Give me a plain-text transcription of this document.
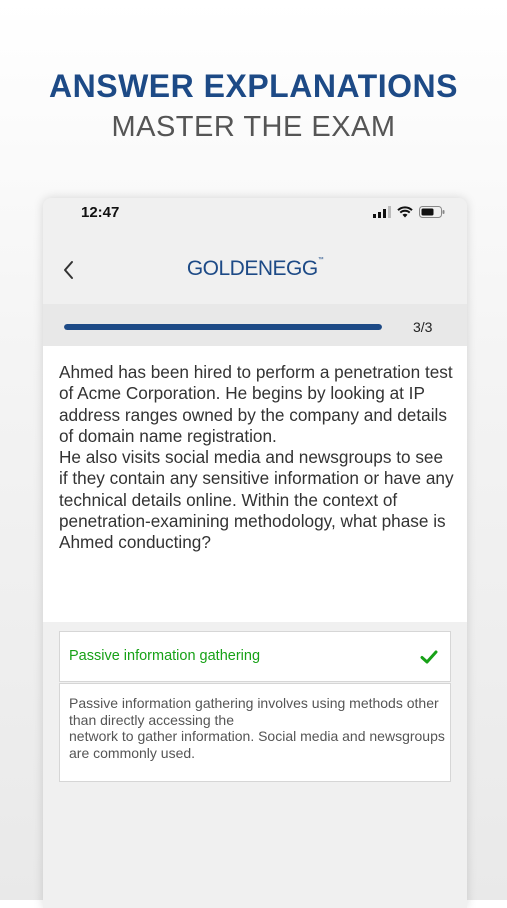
ANSWER EXPLANATIONS
MASTER THE EXAM
12:47
GOLDENEGG™
3/3
Ahmed has been hired to perform a penetration test of Acme Corporation. He begins by looking at IP address ranges owned by the company and details of domain name registration.
He also visits social media and newsgroups to see if they contain any sensitive information or have any technical details online. Within the context of penetration-examining methodology, what phase is Ahmed conducting?
Passive information gathering
Passive information gathering involves using methods other than directly accessing the
network to gather information. Social media and newsgroups are commonly used.
